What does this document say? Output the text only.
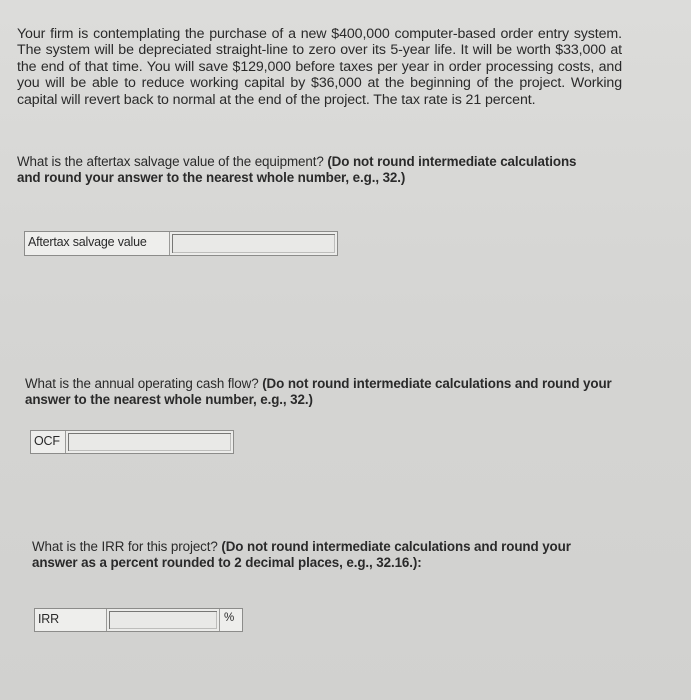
Your firm is contemplating the purchase of a new $400,000 computer-based order entry system. The system will be depreciated straight-line to zero over its 5-year life. It will be worth $33,000 at the end of that time. You will save $129,000 before taxes per year in order processing costs, and you will be able to reduce working capital by $36,000 at the beginning of the project. Working capital will revert back to normal at the end of the project. The tax rate is 21 percent.
What is the aftertax salvage value of the equipment? (Do not round intermediate calculations and round your answer to the nearest whole number, e.g., 32.)
Aftertax salvage value
What is the annual operating cash flow? (Do not round intermediate calculations and round your answer to the nearest whole number, e.g., 32.)
OCF
What is the IRR for this project? (Do not round intermediate calculations and round your answer as a percent rounded to 2 decimal places, e.g., 32.16.):
IRR	%
